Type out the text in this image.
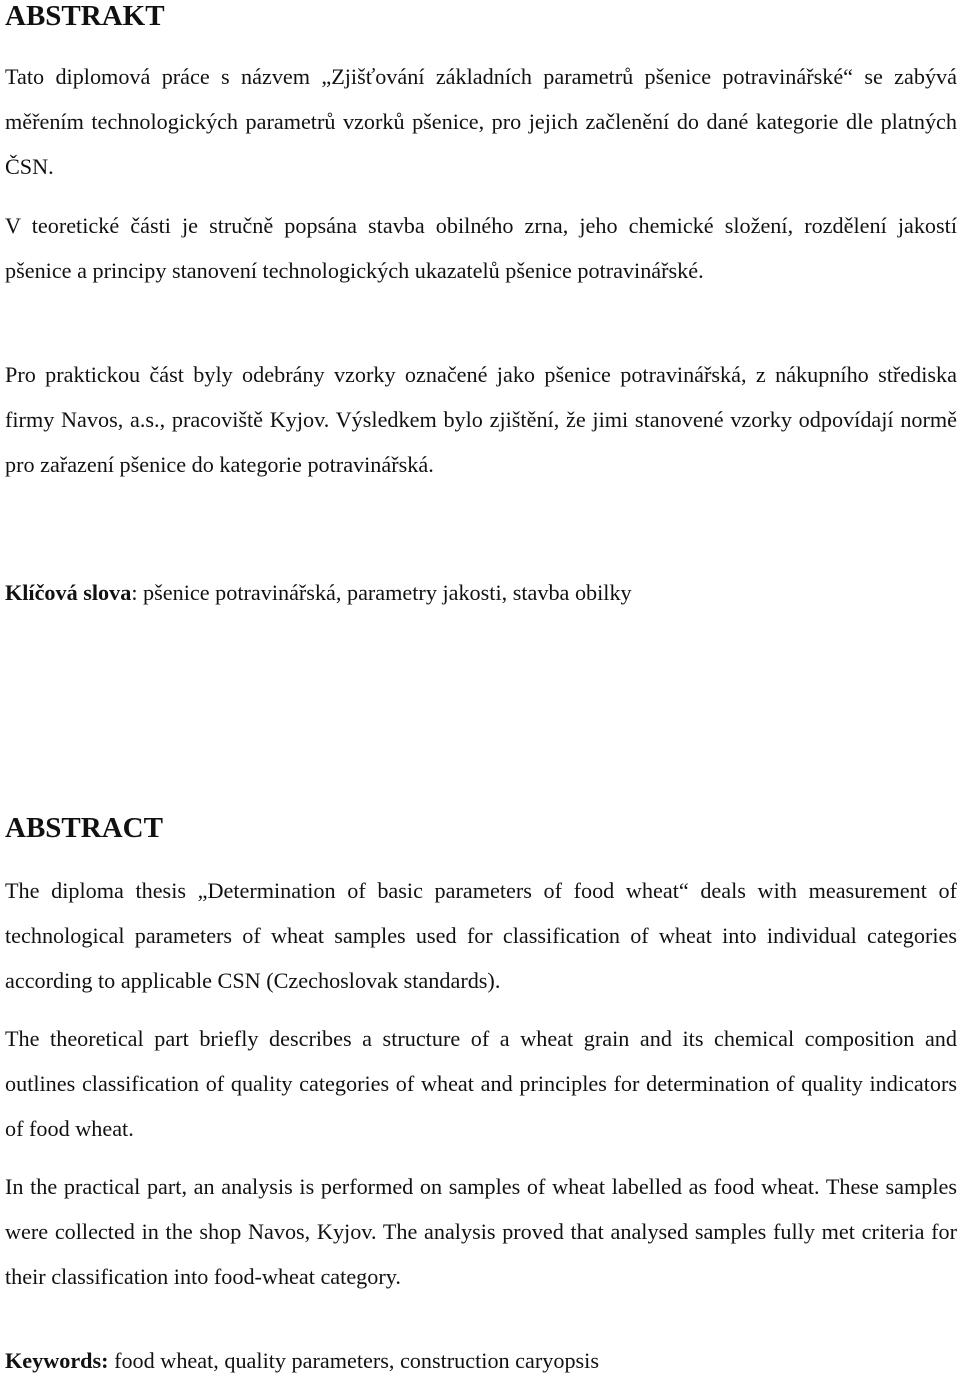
ABSTRAKT

Tato diplomová práce s názvem „Zjišťování základních parametrů pšenice potravinářské“ se zabývá měřením technologických parametrů vzorků pšenice, pro jejich začlenění do dané kategorie dle platných ČSN.

V teoretické části je stručně popsána stavba obilného zrna, jeho chemické složení, rozdělení jakostí pšenice a principy stanovení technologických ukazatelů pšenice potravinářské.

Pro praktickou část byly odebrány vzorky označené jako pšenice potravinářská, z nákupního střediska firmy Navos, a.s., pracoviště Kyjov. Výsledkem bylo zjištění, že jimi stanovené vzorky odpovídají normě pro zařazení pšenice do kategorie potravinářská.

Klíčová slova: pšenice potravinářská, parametry jakosti, stavba obilky

ABSTRACT

The diploma thesis „Determination of basic parameters of food wheat“ deals with measurement of technological parameters of wheat samples used for classification of wheat into individual categories according to applicable CSN (Czechoslovak standards).

The theoretical part briefly describes a structure of a wheat grain and its chemical composition and outlines classification of quality categories of wheat and principles for determination of quality indicators of food wheat.

In the practical part, an analysis is performed on samples of wheat labelled as food wheat. These samples were collected in the shop Navos, Kyjov. The analysis proved that analysed samples fully met criteria for their classification into food-wheat category.

Keywords: food wheat, quality parameters, construction caryopsis
